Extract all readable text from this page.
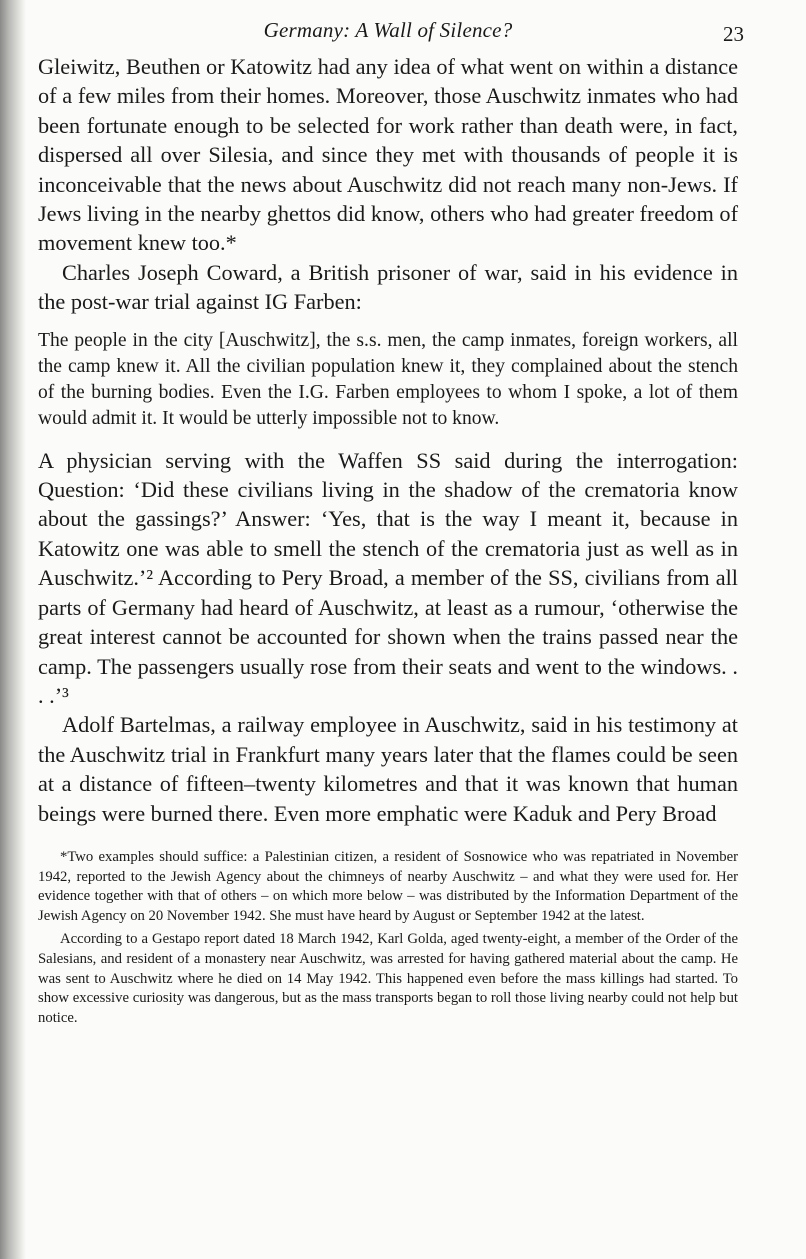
Germany: A Wall of Silence?	23

Gleiwitz, Beuthen or Katowitz had any idea of what went on within a distance of a few miles from their homes. Moreover, those Auschwitz inmates who had been fortunate enough to be selected for work rather than death were, in fact, dispersed all over Silesia, and since they met with thousands of people it is inconceivable that the news about Auschwitz did not reach many non-Jews. If Jews living in the nearby ghettos did know, others who had greater freedom of movement knew too.*

Charles Joseph Coward, a British prisoner of war, said in his evidence in the post-war trial against IG Farben:

The people in the city [Auschwitz], the s.s. men, the camp inmates, foreign workers, all the camp knew it. All the civilian population knew it, they complained about the stench of the burning bodies. Even the I.G. Farben employees to whom I spoke, a lot of them would admit it. It would be utterly impossible not to know.

A physician serving with the Waffen SS said during the interrogation: Question: ‘Did these civilians living in the shadow of the crematoria know about the gassings?’ Answer: ‘Yes, that is the way I meant it, because in Katowitz one was able to smell the stench of the crematoria just as well as in Auschwitz.’² According to Pery Broad, a member of the SS, civilians from all parts of Germany had heard of Auschwitz, at least as a rumour, ‘otherwise the great interest cannot be accounted for shown when the trains passed near the camp. The passengers usually rose from their seats and went to the windows. . . .’³

Adolf Bartelmas, a railway employee in Auschwitz, said in his testimony at the Auschwitz trial in Frankfurt many years later that the flames could be seen at a distance of fifteen–twenty kilometres and that it was known that human beings were burned there. Even more emphatic were Kaduk and Pery Broad

*Two examples should suffice: a Palestinian citizen, a resident of Sosnowice who was repatriated in November 1942, reported to the Jewish Agency about the chimneys of nearby Auschwitz – and what they were used for. Her evidence together with that of others – on which more below – was distributed by the Information Department of the Jewish Agency on 20 November 1942. She must have heard by August or September 1942 at the latest.

According to a Gestapo report dated 18 March 1942, Karl Golda, aged twenty-eight, a member of the Order of the Salesians, and resident of a monastery near Auschwitz, was arrested for having gathered material about the camp. He was sent to Auschwitz where he died on 14 May 1942. This happened even before the mass killings had started. To show excessive curiosity was dangerous, but as the mass transports began to roll those living nearby could not help but notice.
